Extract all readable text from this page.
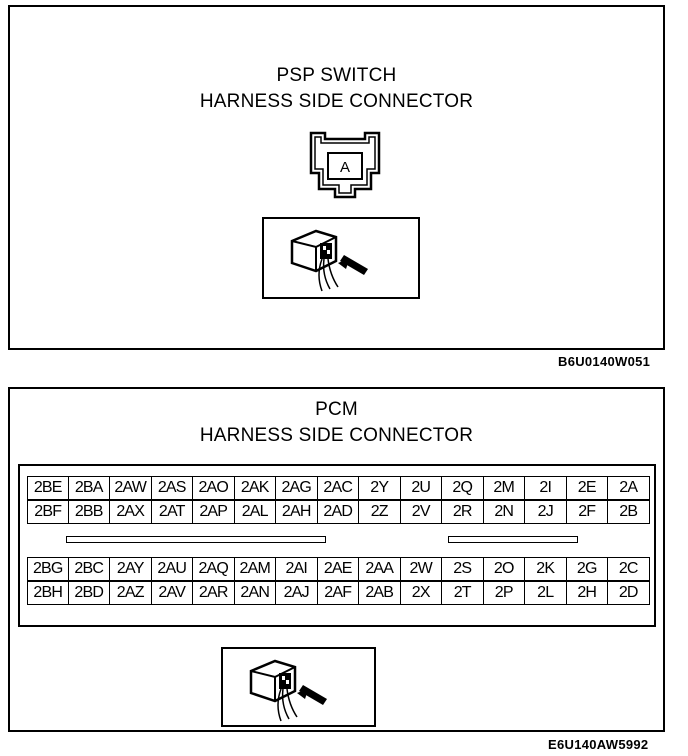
PSP SWITCH
HARNESS SIDE CONNECTOR
A
B6U0140W051
PCM
HARNESS SIDE CONNECTOR
2BE 2BA 2AW 2AS 2AO 2AK 2AG 2AC	2Y	2U	2Q	2M	2I	2E	2A
2BF 2BB 2AX 2AT 2AP 2AL 2AH 2AD	2Z	2V	2R	2N	2J	2F	2B
2BG 2BC 2AY 2AU 2AQ 2AM 2AI	2AE 2AA	2W	2S	2O	2K	2G	2C
2BH 2BD 2AZ 2AV 2AR 2AN 2AJ 2AF 2AB	2X	2T	2P	2L	2H	2D
E6U140AW5992
